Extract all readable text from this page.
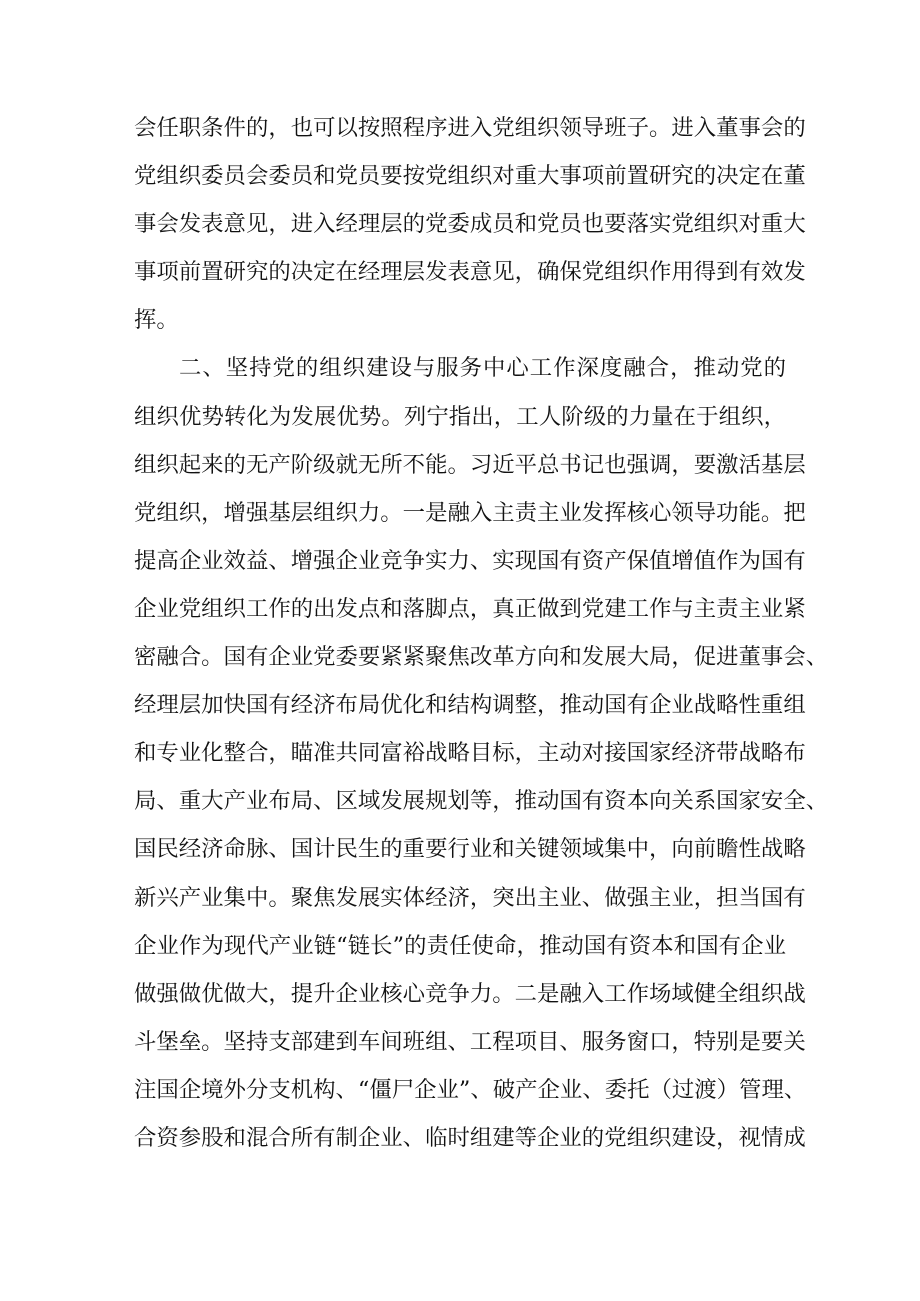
会任职条件的，也可以按照程序进入党组织领导班子。进入董事会的
党组织委员会委员和党员要按党组织对重大事项前置研究的决定在董
事会发表意见，进入经理层的党委成员和党员也要落实党组织对重大
事项前置研究的决定在经理层发表意见，确保党组织作用得到有效发
挥。
二、坚持党的组织建设与服务中心工作深度融合，推动党的
组织优势转化为发展优势。列宁指出，工人阶级的力量在于组织，
组织起来的无产阶级就无所不能。习近平总书记也强调，要激活基层
党组织，增强基层组织力。一是融入主责主业发挥核心领导功能。把
提高企业效益、增强企业竞争实力、实现国有资产保值增值作为国有
企业党组织工作的出发点和落脚点，真正做到党建工作与主责主业紧
密融合。国有企业党委要紧紧聚焦改革方向和发展大局，促进董事会、
经理层加快国有经济布局优化和结构调整，推动国有企业战略性重组
和专业化整合，瞄准共同富裕战略目标，主动对接国家经济带战略布
局、重大产业布局、区域发展规划等，推动国有资本向关系国家安全、
国民经济命脉、国计民生的重要行业和关键领域集中，向前瞻性战略
新兴产业集中。聚焦发展实体经济，突出主业、做强主业，担当国有
企业作为现代产业链“链长”的责任使命，推动国有资本和国有企业
做强做优做大，提升企业核心竞争力。二是融入工作场域健全组织战
斗堡垒。坚持支部建到车间班组、工程项目、服务窗口，特别是要关
注国企境外分支机构、“僵尸企业”、破产企业、委托（过渡）管理、
合资参股和混合所有制企业、临时组建等企业的党组织建设，视情成
